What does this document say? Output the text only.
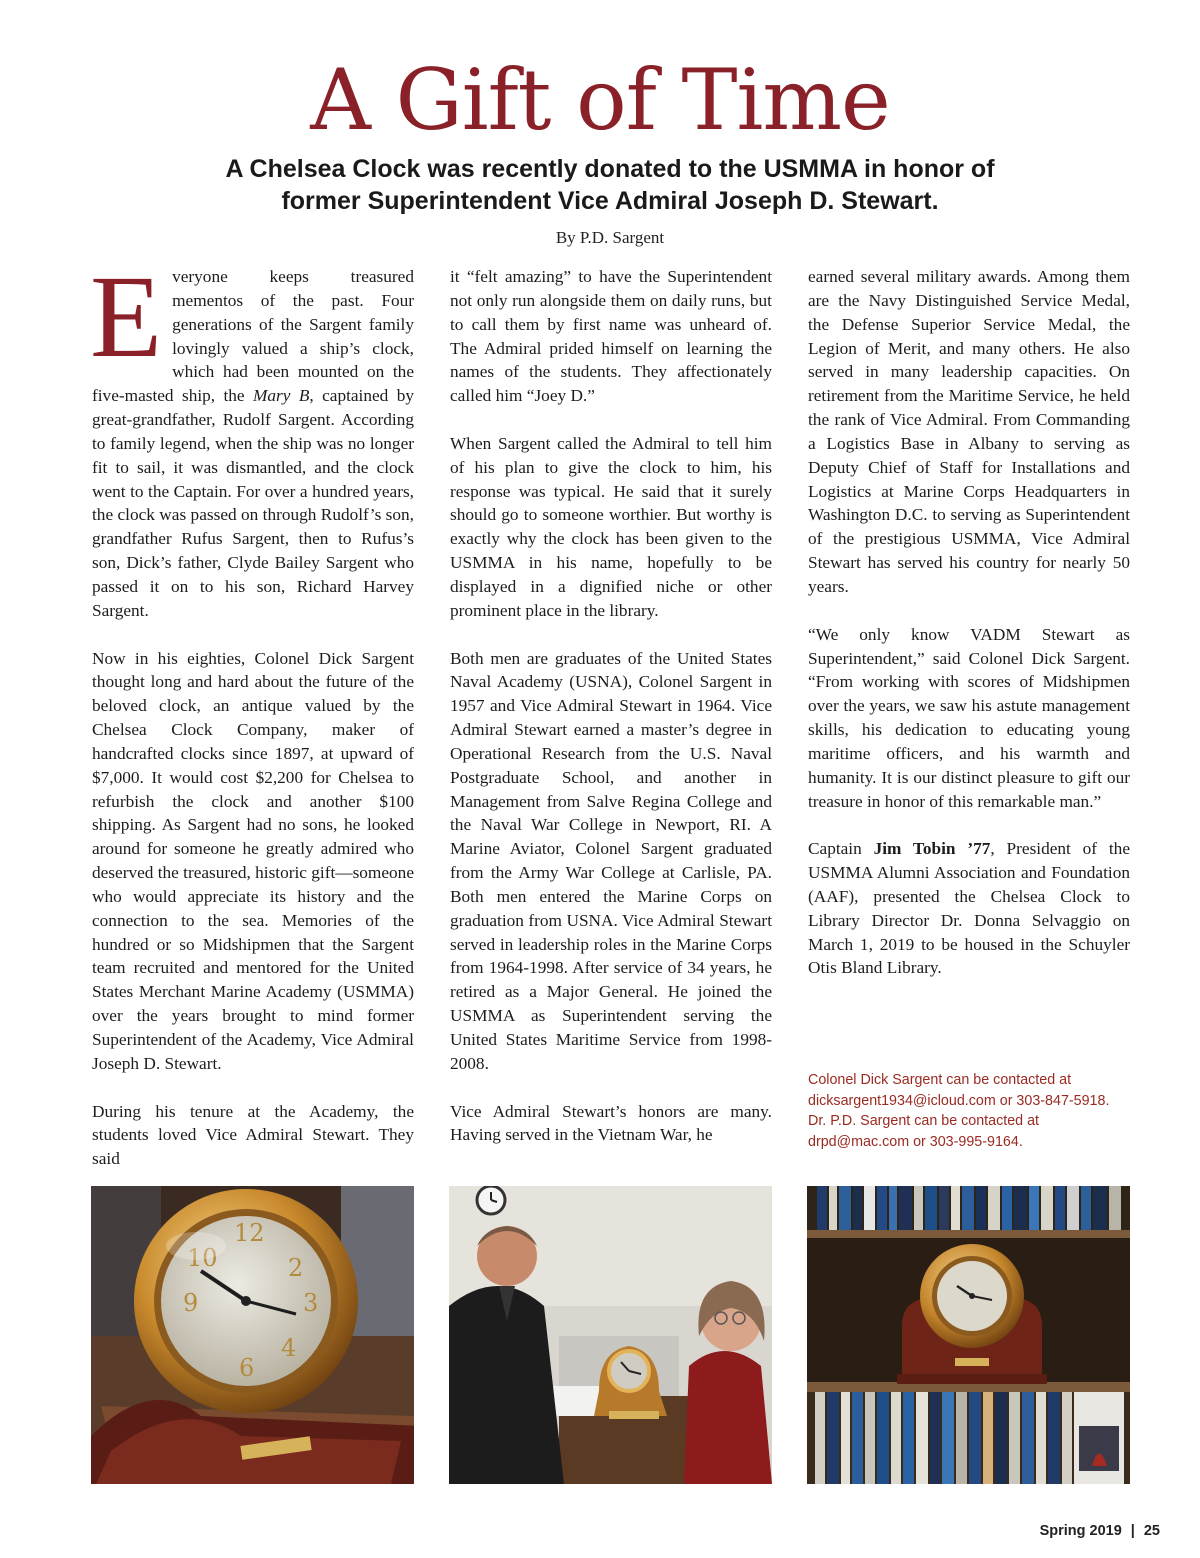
A Gift of Time
A Chelsea Clock was recently donated to the USMMA in honor of
former Superintendent Vice Admiral Joseph D. Stewart.
By P.D. Sargent

Everyone keeps treasured mementos of the past. Four generations of the Sargent family lovingly valued a ship’s clock, which had been mounted on the five-masted ship, the Mary B, captained by great-grandfather, Rudolf Sargent. According to family legend, when the ship was no longer fit to sail, it was dismantled, and the clock went to the Captain. For over a hundred years, the clock was passed on through Rudolf’s son, grandfather Rufus Sargent, then to Rufus’s son, Dick’s father, Clyde Bailey Sargent who passed it on to his son, Richard Harvey Sargent.

Now in his eighties, Colonel Dick Sargent thought long and hard about the future of the beloved clock, an antique valued by the Chelsea Clock Company, maker of handcrafted clocks since 1897, at upward of $7,000. It would cost $2,200 for Chelsea to refurbish the clock and another $100 shipping. As Sargent had no sons, he looked around for someone he greatly admired who deserved the treasured, historic gift—someone who would appreciate its history and the connection to the sea. Memories of the hundred or so Midshipmen that the Sargent team recruited and mentored for the United States Merchant Marine Academy (USMMA) over the years brought to mind former Superintendent of the Academy, Vice Admiral Joseph D. Stewart.

During his tenure at the Academy, the students loved Vice Admiral Stewart. They said

it “felt amazing” to have the Superintendent not only run alongside them on daily runs, but to call them by first name was unheard of. The Admiral prided himself on learning the names of the students. They affectionately called him “Joey D.”

When Sargent called the Admiral to tell him of his plan to give the clock to him, his response was typical. He said that it surely should go to someone worthier. But worthy is exactly why the clock has been given to the USMMA in his name, hopefully to be displayed in a dignified niche or other prominent place in the library.

Both men are graduates of the United States Naval Academy (USNA), Colonel Sargent in 1957 and Vice Admiral Stewart in 1964. Vice Admiral Stewart earned a master’s degree in Operational Research from the U.S. Naval Postgraduate School, and another in Management from Salve Regina College and the Naval War College in Newport, RI. A Marine Aviator, Colonel Sargent graduated from the Army War College at Carlisle, PA. Both men entered the Marine Corps on graduation from USNA. Vice Admiral Stewart served in leadership roles in the Marine Corps from 1964-1998. After service of 34 years, he retired as a Major General. He joined the USMMA as Superintendent serving the United States Maritime Service from 1998-2008.

Vice Admiral Stewart’s honors are many. Having served in the Vietnam War, he

earned several military awards. Among them are the Navy Distinguished Service Medal, the Defense Superior Service Medal, the Legion of Merit, and many others. He also served in many leadership capacities. On retirement from the Maritime Service, he held the rank of Vice Admiral. From Commanding a Logistics Base in Albany to serving as Deputy Chief of Staff for Installations and Logistics at Marine Corps Headquarters in Washington D.C. to serving as Superintendent of the prestigious USMMA, Vice Admiral Stewart has served his country for nearly 50 years.

“We only know VADM Stewart as Superintendent,” said Colonel Dick Sargent. “From working with scores of Midshipmen over the years, we saw his astute management skills, his dedication to educating young maritime officers, and his warmth and humanity. It is our distinct pleasure to gift our treasure in honor of this remarkable man.”

Captain Jim Tobin ’77, President of the USMMA Alumni Association and Foundation (AAF), presented the Chelsea Clock to Library Director Dr. Donna Selvaggio on March 1, 2019 to be housed in the Schuyler Otis Bland Library.

Colonel Dick Sargent can be contacted at dicksargent1934@icloud.com or 303-847-5918. Dr. P.D. Sargent can be contacted at drpd@mac.com or 303-995-9164.
12
2
3
4
6
9
10
Spring 2019 | 25
